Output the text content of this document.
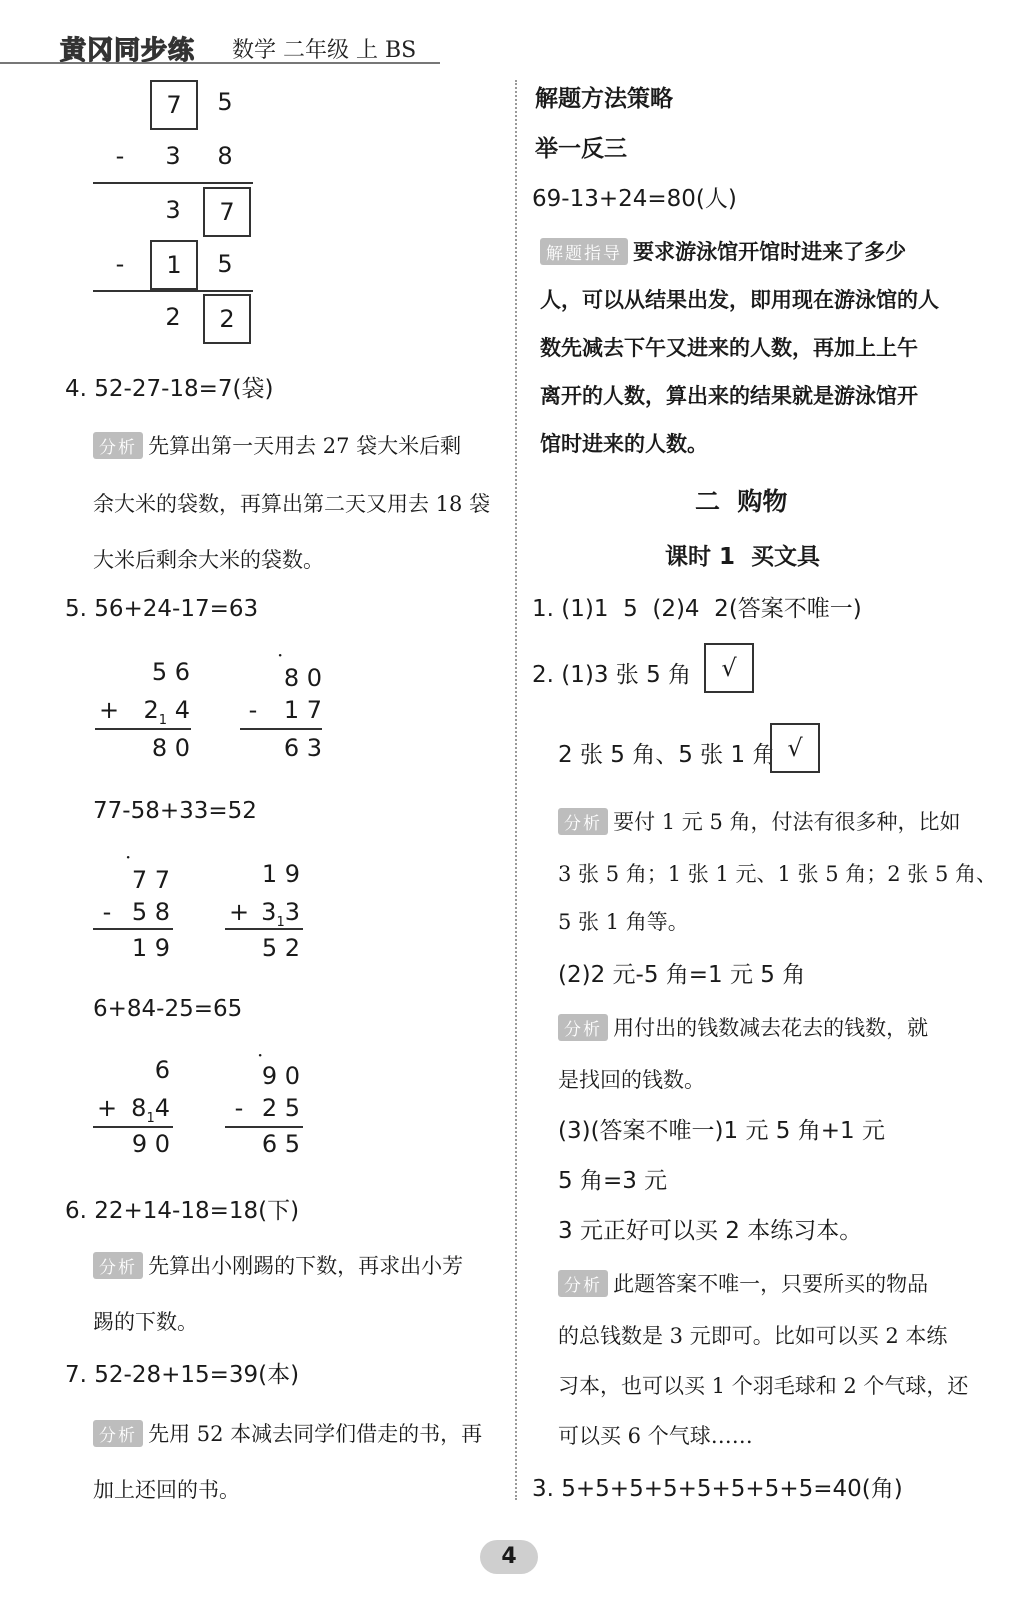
黄冈同步练 数学 二年级 上 BS
7	5
-	3	8
3	7
-	1	5
2	2
4. 52-27-18=7(袋)
分析 先算出第一天用去 27 袋大米后剩
余大米的袋数，再算出第二天又用去 18 袋
大米后剩余大米的袋数。
5. 56+24-17=63
5 6
+	$2_1$ 4
8 0
·
8 0
-	1 7
6 3
77-58+33=52
·
7 7
- 5 8
1 9
1 9
+ $3_13$
5 2
6+84-25=65
6
+ $8_14$
9 0
·
9 0
- 2 5
6 5
6. 22+14-18=18(下)
分析 先算出小刚踢的下数，再求出小芳
踢的下数。
7. 52-28+15=39(本)
分析 先用 52 本减去同学们借走的书，再
加上还回的书。
解题方法策略
举一反三
69-13+24=80(人)
解题指导 要求游泳馆开馆时进来了多少
人，可以从结果出发，即用现在游泳馆的人
数先减去下午又进来的人数，再加上上午
离开的人数，算出来的结果就是游泳馆开
馆时进来的人数。
二  购物
课时 1  买文具
1. (1)1  5  (2)4  2(答案不唯一)
2. (1)3 张 5 角	√
2 张 5 角、5 张 1 角 √
分析 要付 1 元 5 角，付法有很多种，比如
3 张 5 角；1 张 1 元、1 张 5 角；2 张 5 角、
5 张 1 角等。
(2)2 元-5 角=1 元 5 角
分析 用付出的钱数减去花去的钱数，就
是找回的钱数。
(3)(答案不唯一)1 元 5 角+1 元
5 角=3 元
3 元正好可以买 2 本练习本。
分析 此题答案不唯一，只要所买的物品
的总钱数是 3 元即可。比如可以买 2 本练
习本，也可以买 1 个羽毛球和 2 个气球，还
可以买 6 个气球……
3. 5+5+5+5+5+5+5+5=40(角)
4
